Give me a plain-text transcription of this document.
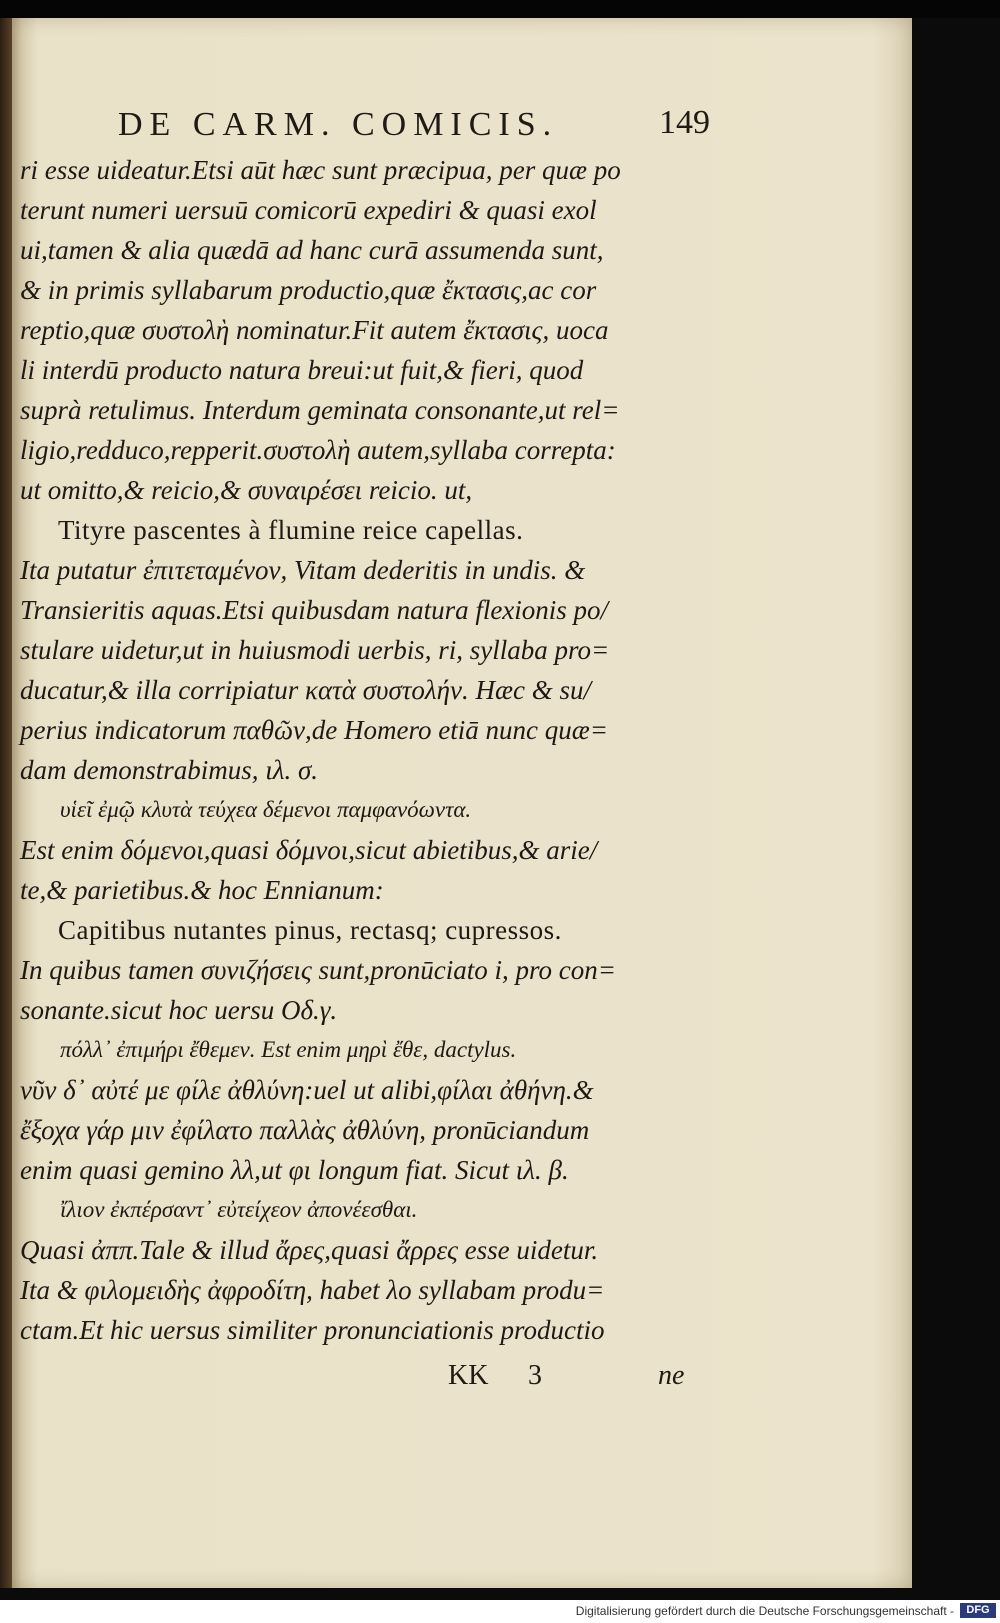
DE CARM. COMICIS.	149
ri esse uideatur.Etsi aūt hæc sunt præcipua, per quæ po
terunt numeri uersuū comicorū expediri & quasi exol
ui,tamen & alia quædā ad hanc curā assumenda sunt,
& in primis syllabarum productio,quæ ἔκτασις,ac cor
reptio,quæ συστολὴ nominatur.Fit autem ἔκτασις, uoca
li interdū producto natura breui:ut fuit,& fieri, quod
suprà retulimus. Interdum geminata consonante,ut rel=
ligio,redduco,repperit.συστολὴ autem,syllaba correpta:
ut omitto,& reicio,& συναιρέσει reicio. ut,
Tityre pascentes à flumine reice capellas.
Ita putatur ἐπιτεταμένον, Vitam dederitis in undis. &
Transieritis aquas.Etsi quibusdam natura flexionis po/
stulare uidetur,ut in huiusmodi uerbis, ri, syllaba pro=
ducatur,& illa corripiatur κατὰ συστολήν. Hæc & su/
perius indicatorum παθῶν,de Homero etiā nunc quæ=
dam demonstrabimus, ιλ. σ.
υἱεῖ ἐμῷ κλυτὰ τεύχεα δέμενοι παμφανόωντα.
Est enim δόμενοι,quasi δόμνοι,sicut abietibus,& arie/
te,& parietibus.& hoc Ennianum:
Capitibus nutantes pinus, rectasq; cupressos.
In quibus tamen συνιζήσεις sunt,pronūciato i, pro con=
sonante.sicut hoc uersu Οδ.γ.
πόλλ᾽ ἐπιμήρι ἔθεμεν. Est enim μηρὶ ἔθε, dactylus.
νῦν δ᾽ αὐτέ με φίλε ἀθλύνη:uel ut alibi,φίλαι ἀθήνη.&
ἔξοχα γάρ μιν ἐφίλατο παλλὰς ἀθλύνη, pronūciandum
enim quasi gemino λλ,ut φι longum fiat. Sicut ιλ. β.
ἴλιον ἐκπέρσαντ᾽ εὐτείχεον ἀπονέεσθαι.
Quasi ἀππ.Tale & illud ἄρες,quasi ἄρρες esse uidetur.
Ita & φιλομειδὴς ἀφροδίτη, habet λο syllabam produ=
ctam.Et hic uersus similiter pronunciationis productio
KK 3	ne
Digitalisierung gefördert durch die Deutsche Forschungsgemeinschaft -	DFG
